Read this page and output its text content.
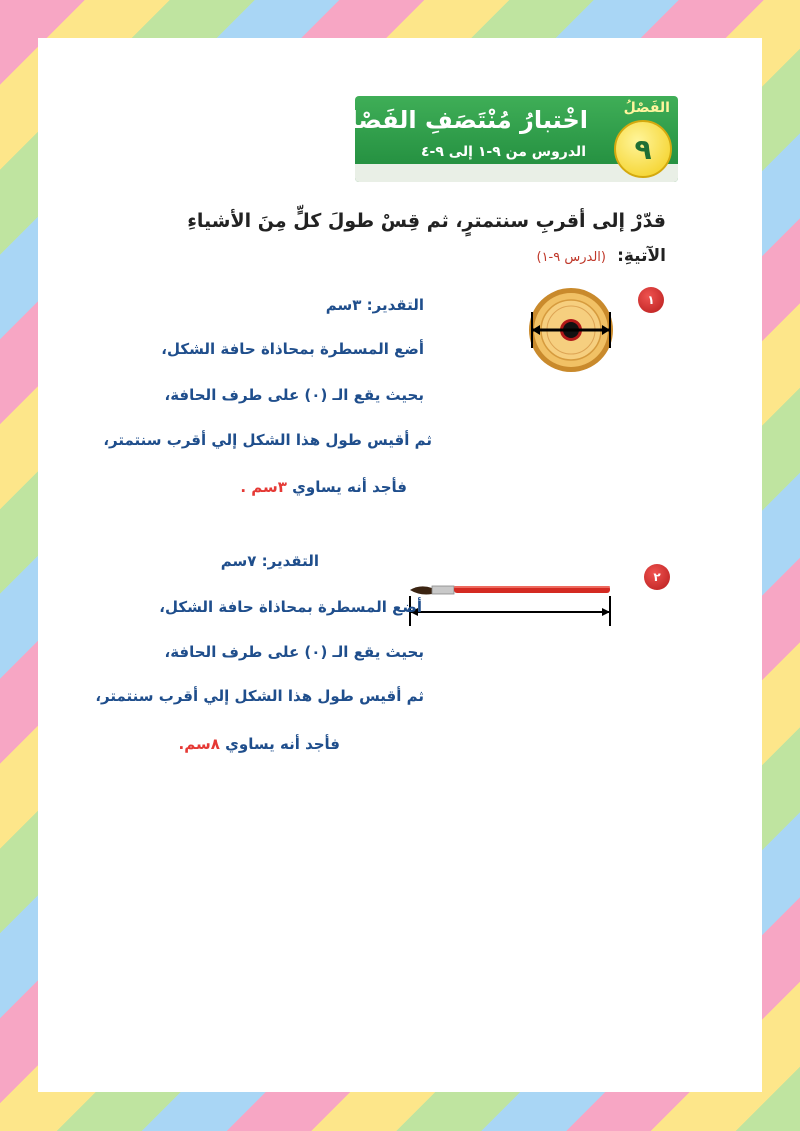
الفَصْلُ
٩
اخْتبارُ مُنْتَصَفِ الفَصْلِ
الدروس من ٩-١ إلى ٩-٤
قدّرْ إلى أقربِ سنتمترٍ، ثم قِسْ طولَ كلٍّ مِنَ الأشياءِ
الآتيةِ: (الدرس ٩-١)
١
التقدير: ٣سم
أضع المسطرة بمحاذاة حافة الشكل،
بحيث يقع الـ (٠) على طرف الحافة،
ثم أقيس طول هذا الشكل إلي أقرب سنتمتر،
فأجد أنه يساوي ٣سم .
٢
التقدير: ٧سم
أضع المسطرة بمحاذاة حافة الشكل،
بحيث يقع الـ (٠) على طرف الحافة،
ثم أقيس طول هذا الشكل إلي أقرب سنتمتر،
فأجد أنه يساوي ٨سم.
